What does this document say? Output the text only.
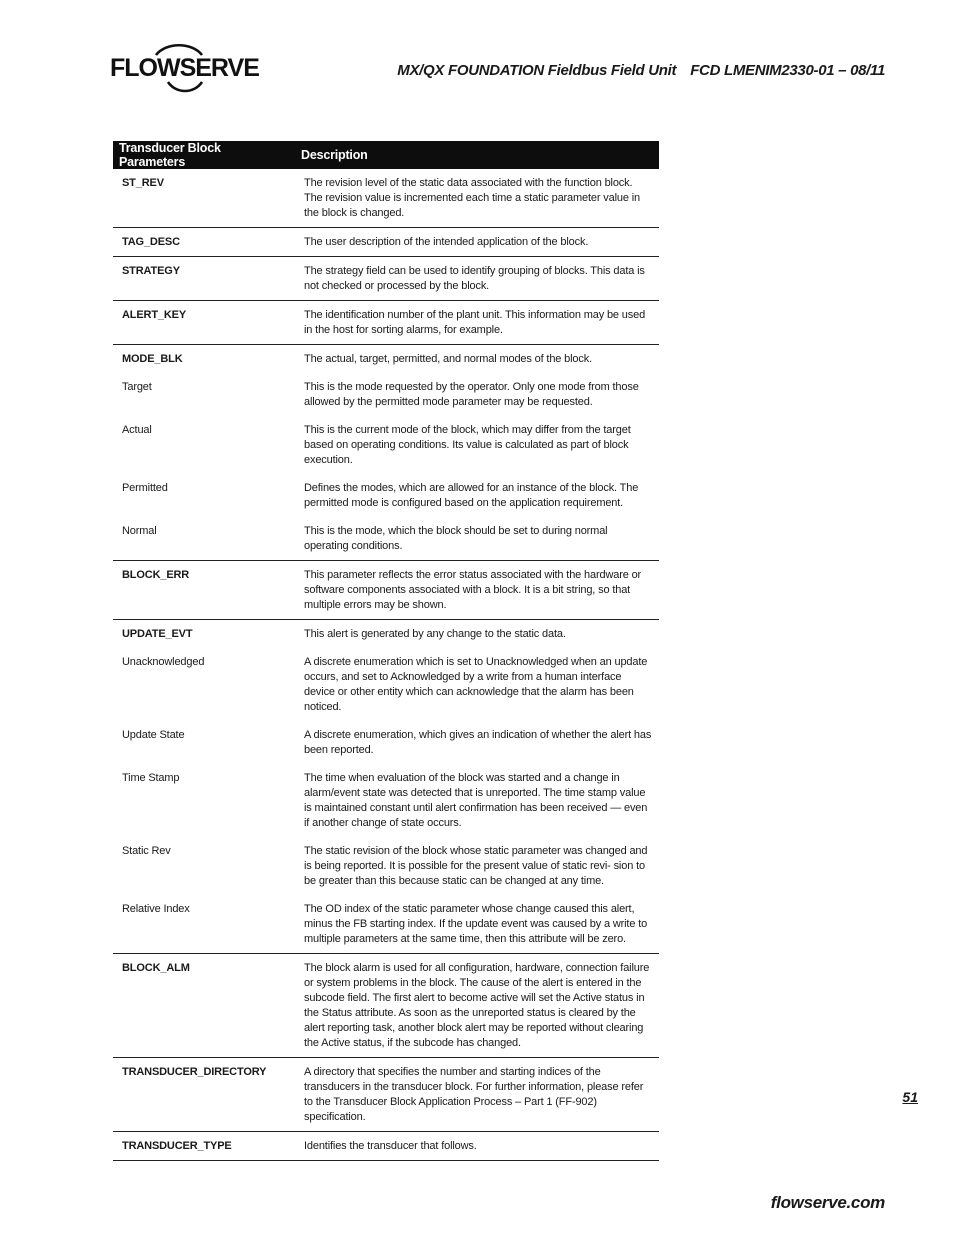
FLOWSERVE	MX/QX FOUNDATION Fieldbus Field Unit FCD LMENIM2330-01 – 08/11
Transducer Block Parameters	Description
ST_REV	The revision level of the static data associated with the function block. The revision value is incremented each time a static parameter value in the block is changed.
TAG_DESC	The user description of the intended application of the block.
STRATEGY	The strategy field can be used to identify grouping of blocks. This data is not checked or processed by the block.
ALERT_KEY	The identification number of the plant unit. This information may be used in the host for sorting alarms, for example.
MODE_BLK	The actual, target, permitted, and normal modes of the block.
Target	This is the mode requested by the operator. Only one mode from those allowed by the permitted mode parameter may be requested.
Actual	This is the current mode of the block, which may differ from the target based on operating conditions. Its value is calculated as part of block execution.
Permitted	Defines the modes, which are allowed for an instance of the block. The permitted mode is configured based on the application requirement.
Normal	This is the mode, which the block should be set to during normal operating conditions.
BLOCK_ERR	This parameter reflects the error status associated with the hardware or software components associated with a block. It is a bit string, so that multiple errors may be shown.
UPDATE_EVT	This alert is generated by any change to the static data.
Unacknowledged	A discrete enumeration which is set to Unacknowledged when an update occurs, and set to Acknowledged by a write from a human interface device or other entity which can acknowledge that the alarm has been noticed.
Update State	A discrete enumeration, which gives an indication of whether the alert has been reported.
Time Stamp	The time when evaluation of the block was started and a change in alarm/event state was detected that is unreported. The time stamp value is maintained constant until alert confirmation has been received — even if another change of state occurs.
Static Rev	The static revision of the block whose static parameter was changed and is being reported. It is possible for the present value of static revi- sion to be greater than this because static can be changed at any time.
Relative Index	The OD index of the static parameter whose change caused this alert, minus the FB starting index. If the update event was caused by a write to multiple parameters at the same time, then this attribute will be zero.
BLOCK_ALM	The block alarm is used for all configuration, hardware, connection failure or system problems in the block. The cause of the alert is entered in the subcode field. The first alert to become active will set the Active status in the Status attribute. As soon as the unreported status is cleared by the alert reporting task, another block alert may be reported without clearing the Active status, if the subcode has changed.
TRANSDUCER_DIRECTORY	A directory that specifies the number and starting indices of the transducers in the transducer block. For further information, please refer to the Transducer Block Application Process – Part 1 (FF-902) specification.
TRANSDUCER_TYPE	Identifies the transducer that follows.
51
flowserve.com
